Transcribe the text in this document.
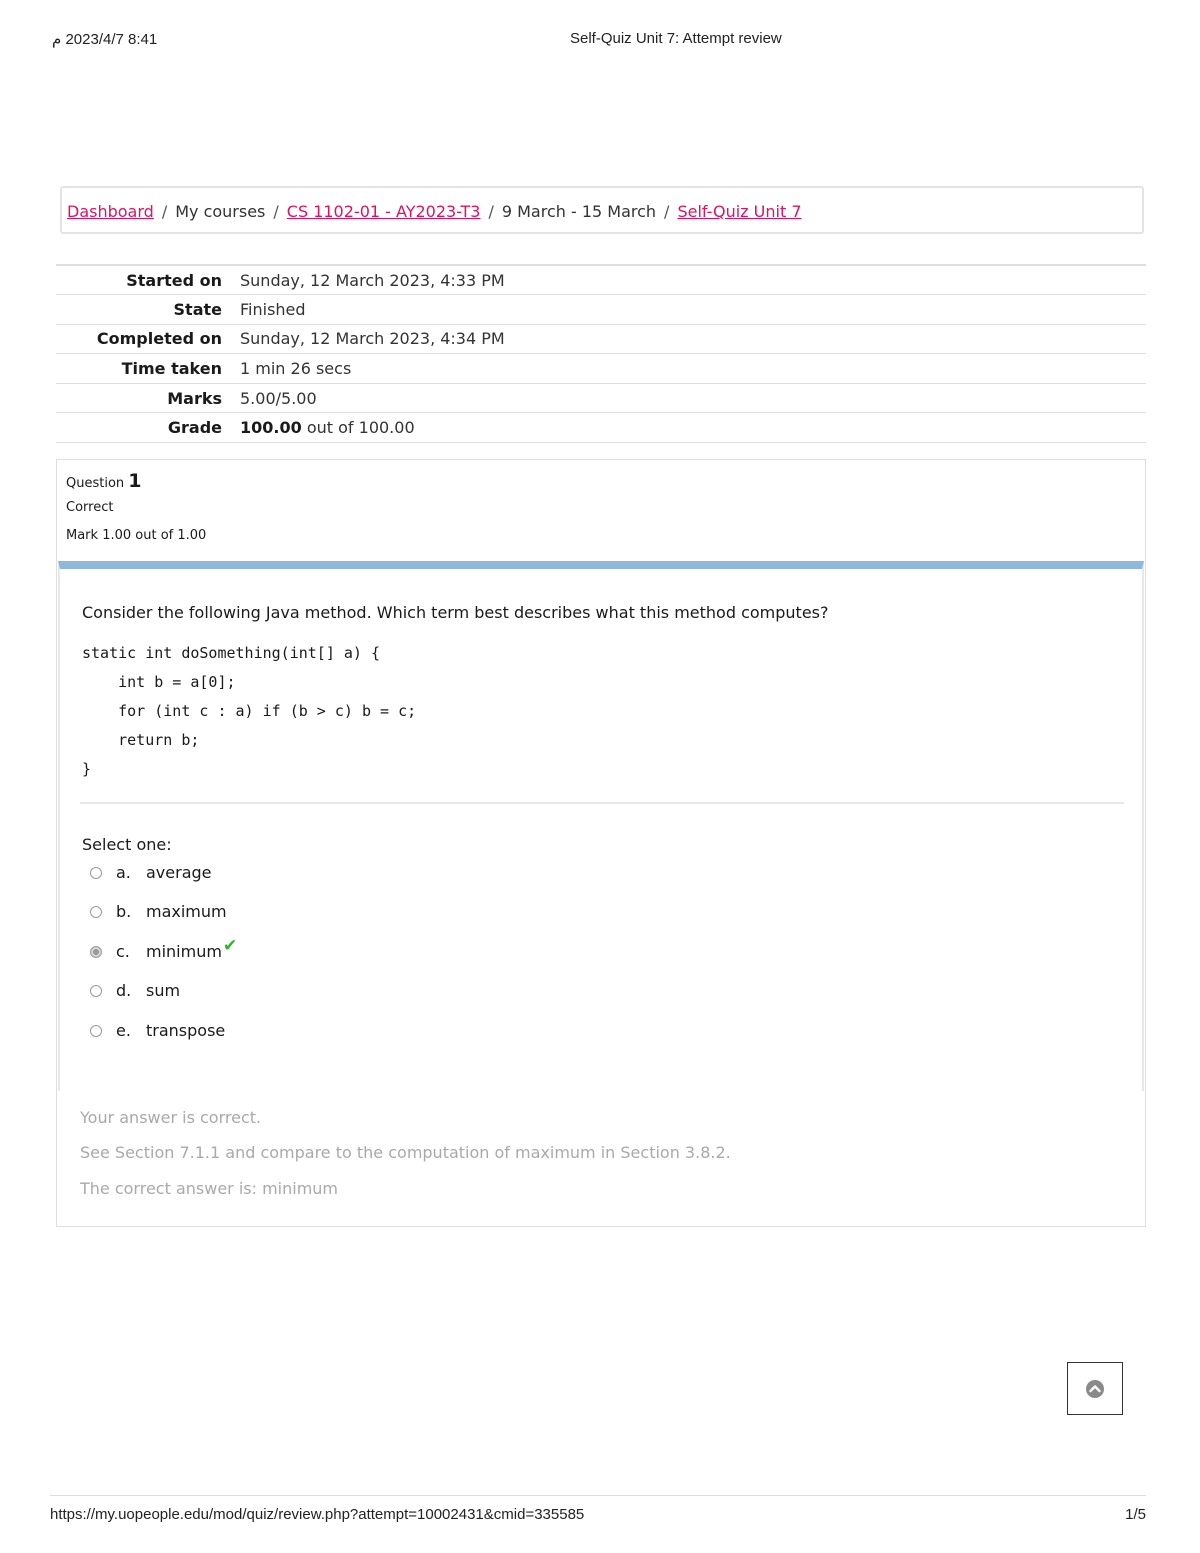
8:41 2023/4/7 م	Self-Quiz Unit 7: Attempt review
Dashboard / My courses / CS 1102-01 - AY2023-T3 / 9 March - 15 March / Self-Quiz Unit 7
Started on	Sunday, 12 March 2023, 4:33 PM
State	Finished
Completed on	Sunday, 12 March 2023, 4:34 PM
Time taken	1 min 26 secs
Marks	5.00/5.00
Grade	100.00 out of 100.00
Question 1
Correct
Mark 1.00 out of 1.00
Consider the following Java method. Which term best describes what this method computes?
static int doSomething(int[] a) {
int b = a[0];
for (int c : a) if (b > c) b = c;
return b;
}
Select one:
a. average
b. maximum
c.	minimum ✔
d. sum
e. transpose
Your answer is correct.
See Section 7.1.1 and compare to the computation of maximum in Section 3.8.2.
The correct answer is: minimum
https://my.uopeople.edu/mod/quiz/review.php?attempt=10002431&cmid=335585	1/5
